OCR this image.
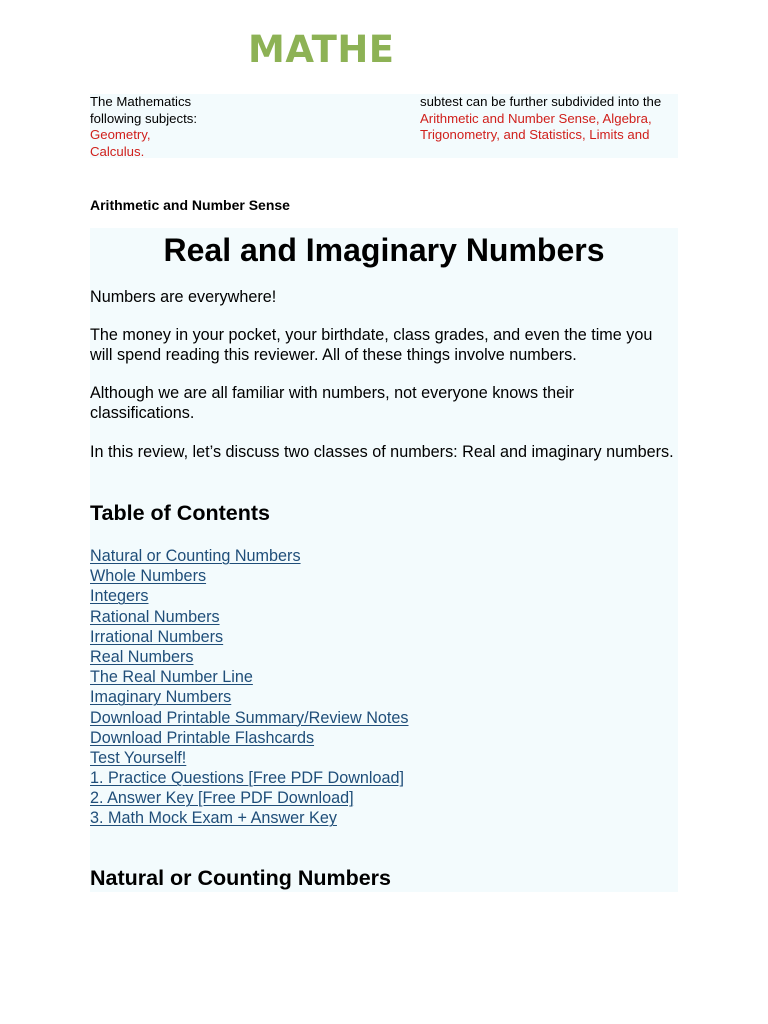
MATHE
The Mathematics
following subjects:
Geometry,
Calculus.
subtest can be further subdivided into the
Arithmetic and Number Sense, Algebra,
Trigonometry, and Statistics, Limits and
Arithmetic and Number Sense
Real and Imaginary Numbers

Numbers are everywhere!

The money in your pocket, your birthdate, class grades, and even the time you will spend reading this reviewer. All of these things involve numbers.

Although we are all familiar with numbers, not everyone knows their classifications.

In this review, let’s discuss two classes of numbers: Real and imaginary numbers.

Table of Contents
Natural or Counting Numbers
Whole Numbers
Integers
Rational Numbers
Irrational Numbers
Real Numbers
The Real Number Line
Imaginary Numbers
Download Printable Summary/Review Notes
Download Printable Flashcards
Test Yourself!
1. Practice Questions [Free PDF Download]
2. Answer Key [Free PDF Download]
3. Math Mock Exam + Answer Key
Natural or Counting Numbers
